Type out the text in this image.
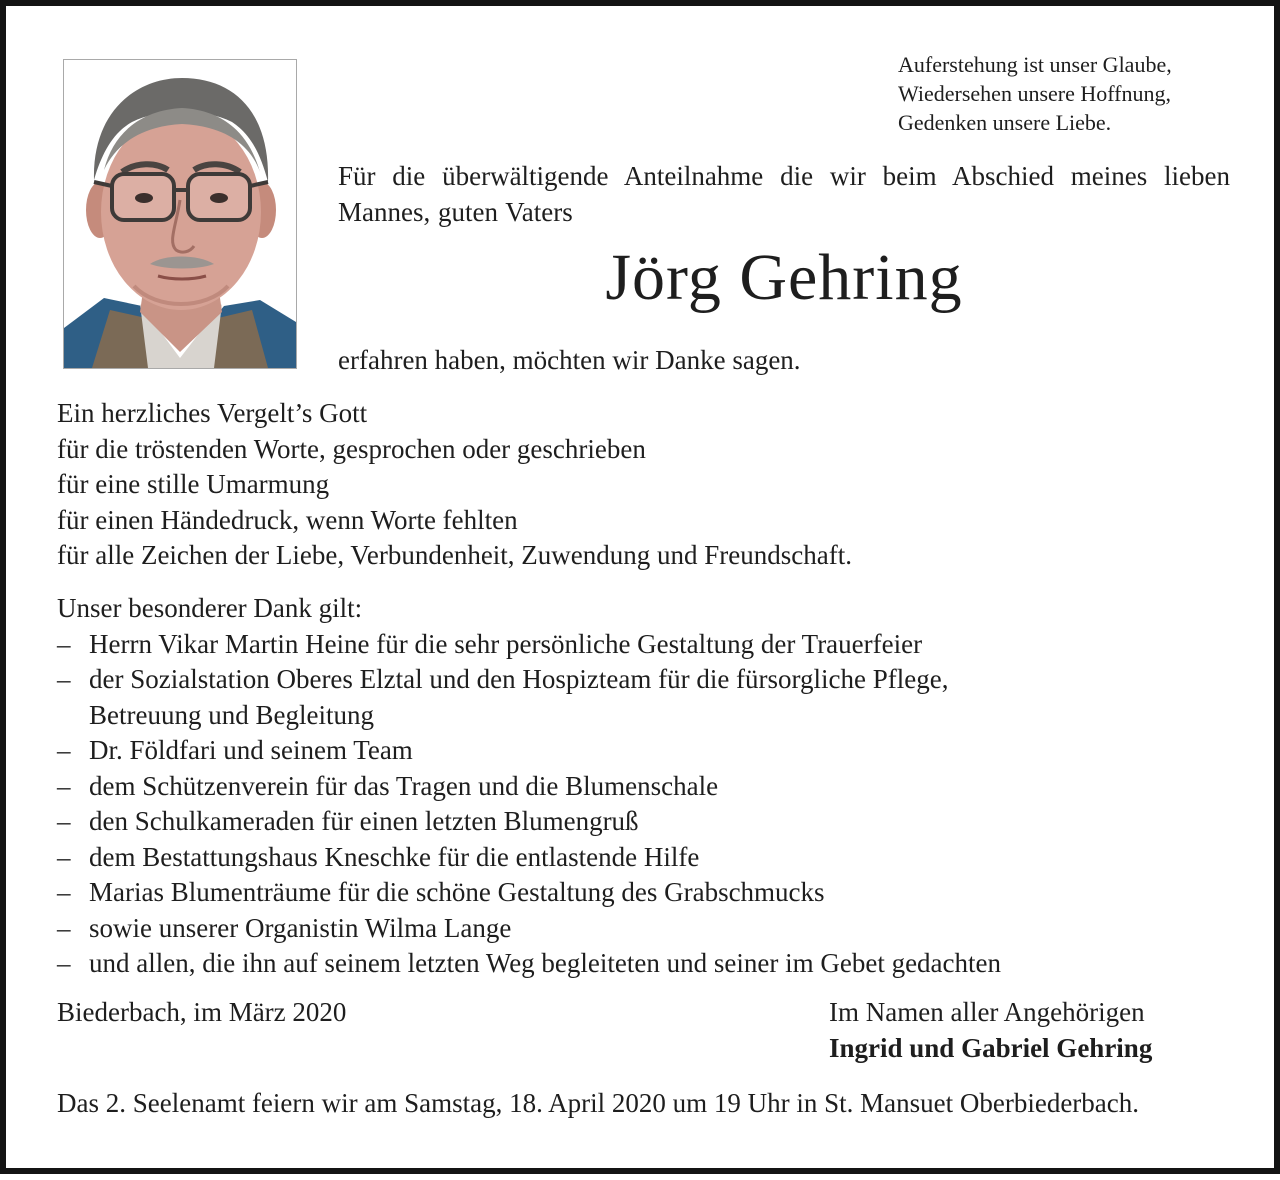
Auferstehung ist unser Glaube,
Wiedersehen unsere Hoffnung,
Gedenken unsere Liebe.
Für die überwältigende Anteilnahme die wir beim Abschied meines lieben Mannes, guten Vaters
Jörg Gehring
erfahren haben, möchten wir Danke sagen.
Ein herzliches Vergelt’s Gott
für die tröstenden Worte, gesprochen oder geschrieben
für eine stille Umarmung
für einen Händedruck, wenn Worte fehlten
für alle Zeichen der Liebe, Verbundenheit, Zuwendung und Freundschaft.
Unser besonderer Dank gilt:
– Herrn Vikar Martin Heine für die sehr persönliche Gestaltung der Trauerfeier
– der Sozialstation Oberes Elztal und den Hospizteam für die fürsorgliche Pflege,
Betreuung und Begleitung
– Dr. Földfari und seinem Team
– dem Schützenverein für das Tragen und die Blumenschale
– den Schulkameraden für einen letzten Blumengruß
– dem Bestattungshaus Kneschke für die entlastende Hilfe
– Marias Blumenträume für die schöne Gestaltung des Grabschmucks
– sowie unserer Organistin Wilma Lange
– und allen, die ihn auf seinem letzten Weg begleiteten und seiner im Gebet gedachten
Biederbach, im März 2020	Im Namen aller Angehörigen
Ingrid und Gabriel Gehring
Das 2. Seelenamt feiern wir am Samstag, 18. April 2020 um 19 Uhr in St. Mansuet Oberbiederbach.
